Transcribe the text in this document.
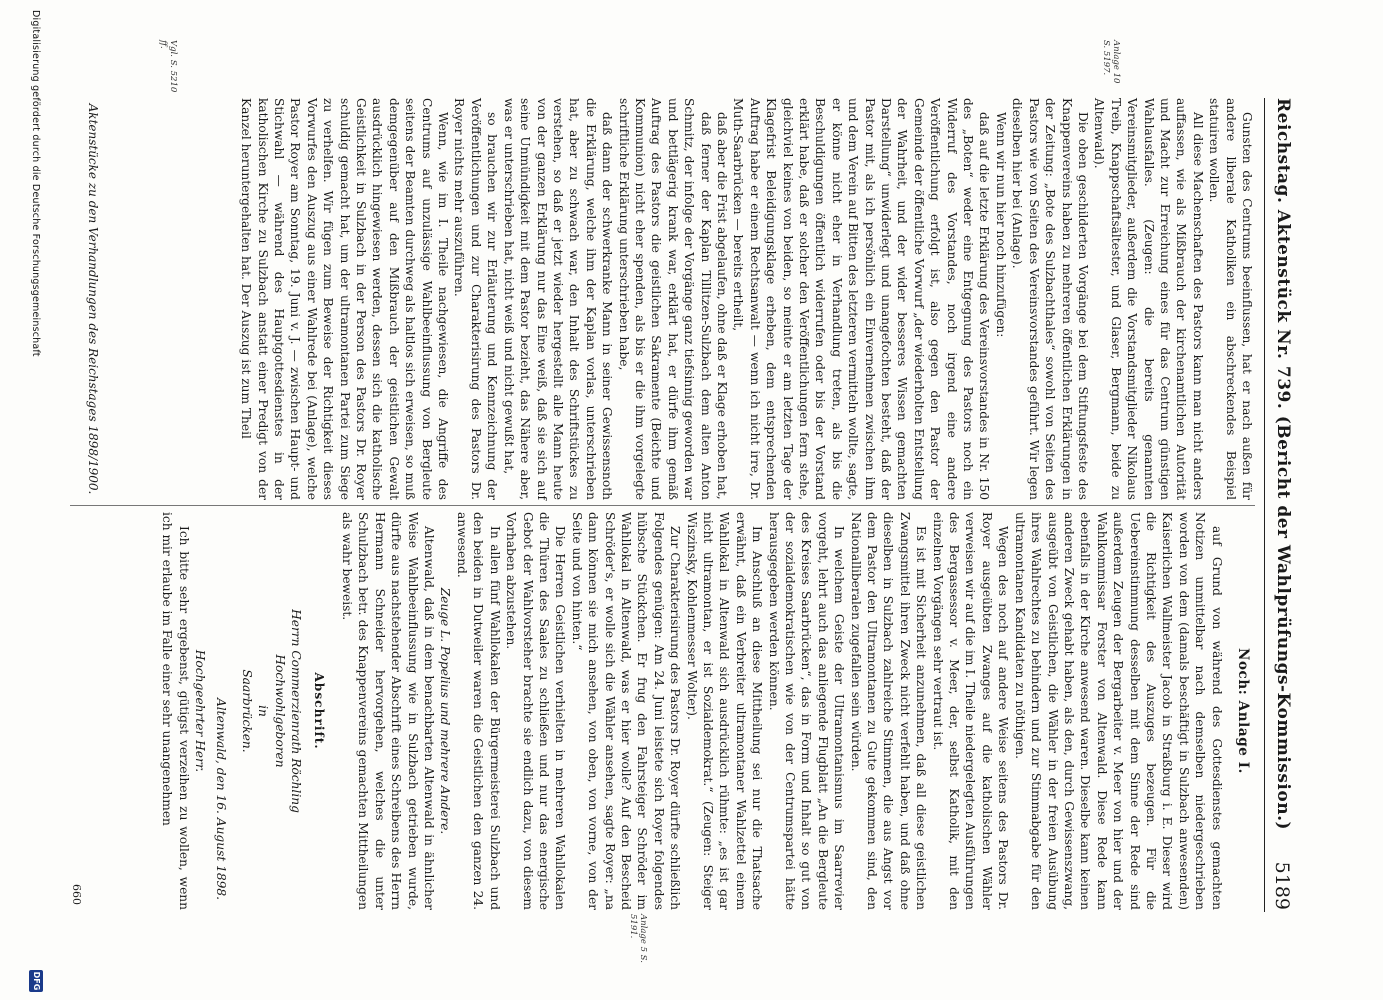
Reichstag. Aktenstück Nr. 739. (Bericht der Wahlprüfungs-Kommission.)
5189

Gunsten des Centrums beeinflussen, hat er nach außen für andere liberale Katholiken ein abschreckendes Beispiel statuiren wollen.

All diese Machenschaften des Pastors kann man nicht anders auffassen, wie als Mißbrauch der kirchenamtlichen Autorität und Macht zur Erreichung eines für das Centrum günstigen Wahlausfalles. (Zeugen: die bereits genannten Vereinsmitglieder, außerdem die Vorstandsmitglieder Nikolaus Treib, Knappschaftsältester, und Glaser, Bergmann, beide zu Altenwald).

Die oben geschilderten Vorgänge bei dem Stiftungsfeste des Knappenvereins haben zu mehreren öffentlichen Erklärungen in der Zeitung: „Bote des Sulzbachthales“ sowohl von Seiten des Pastors wie von Seiten des Vereinsvorstandes geführt. Wir legen dieselben hier bei (Anlage).

Wenn wir nun hier noch hinzufügen:

daß auf die letzte Erklärung des Vereinsvorstandes in Nr. 150 des „Boten“ weder eine Entgegnung des Pastors noch ein Widerruf des Vorstandes, noch irgend eine andere Veröffentlichung erfolgt ist, also gegen den Pastor der Gemeinde der öffentliche Vorwurf „der wiederholten Entstellung der Wahrheit, und der wider besseres Wissen gemachten Darstellung“ unwiderlegt und unangefochten besteht, daß der Pastor mit, als ich persönlich ein Einvernehmen zwischen ihm und dem Verein auf Bitten des letzteren vermitteln wollte, sagte, er könne nicht eher in Verhandlung treten, als bis die Beschuldigungen öffentlich widerrufen oder bis der Vorstand erklärt habe, daß er solcher den Veröffentlichungen fern stehe, gleichviel keines von beiden, so meinte er am letzten Tage der Klagefrist Beleidigungsklage erheben, dem entsprechenden Auftrag habe er einem Rechtsanwalt — wenn ich nicht irre, Dr. Muth-Saarbrücken — bereits ertheilt,

daß aber die Frist abgelaufen, ohne daß er Klage erhoben hat,

daß ferner der Kaplan Tillitzen-Sulzbach dem alten Anton Schmitz, der infolge der Vorgänge ganz tiefsinnig geworden war und bettlägerig krank war, erklärt hat, er dürfe ihm gemäß Auftrag des Pastors die geistlichen Sakramente (Beichte und Kommunion) nicht eher spenden, als bis er die ihm vorgelegte schriftliche Erklärung unterschrieben habe,

daß dann der schwerkranke Mann in seiner Gewissensnoth die Erklärung, welche ihm der Kaplan vorlas, unterschrieben hat, aber zu schwach war, den Inhalt des Schriftstückes zu verstehen, so daß er jetzt wieder hergestellt alle Mann heute von der ganzen Erklärung nur das Eine weiß, daß sie sich auf seine Unmündigkeit mit dem Pastor bezieht, das Nähere aber, was er unterschrieben hat, nicht weiß und nicht gewußt hat,

so brauchen wir zur Erläuterung und Kennzeichnung der Veröffentlichungen und zur Charakterisirung des Pastors Dr. Royer nichts mehr auszuführen.

Wenn, wie im I. Theile nachgewiesen, die Angriffe des Centrums auf unzulässige Wahlbeeinflussung von Bergleute seitens der Beamten durchweg als haltlos sich erweisen, so muß demgegenüber auf den Mißbrauch der geistlichen Gewalt ausdrücklich hingewiesen werden, dessen sich die katholische Geistlichkeit in Sulzbach in der Person des Pastors Dr. Royer schuldig gemacht hat, um der ultramontanen Partei zum Siege zu verhelfen. Wir fügen zum Beweise der Richtigkeit dieses Vorwurfes den Auszug aus einer Wahlrede bei (Anlage), welche Pastor Royer am Sonntag, 19. Juni v. J. — zwischen Haupt- und Stichwahl — während des Hauptgottesdienstes in der katholischen Kirche zu Sulzbach anstatt einer Predigt von der Kanzel heruntergehalten hat. Der Auszug ist zum Theil

Noch: Anlage I.

auf Grund von während des Gottesdienstes gemachten Notizen unmittelbar nach demselben niedergeschrieben worden von dem (damals beschäftigt in Sulzbach anwesenden) Kaiserlichen Wallmeister Jacob in Straßburg i. E. Dieser wird die Richtigkeit des Auszuges bezeugen. Für die Uebereinstimmung desselben mit dem Sinne der Rede sind außerdem Zeugen der Bergarbeiter v. Meer von hier und der Wahlkommissar Forster von Altenwald. Diese Rede kann ebenfalls in der Kirche anwesend waren. Dieselbe kann keinen anderen Zweck gehabt haben, als den, durch Gewissenszwang, ausgeübt von Geistlichen, die Wähler in der freien Ausübung ihres Wahlrechtes zu behindern und zur Stimmabgabe für den ultramontanen Kandidaten zu nöthigen.

Wegen des noch auf andere Weise seitens des Pastors Dr. Royer ausgeübten Zwanges auf die katholischen Wähler verweisen wir auf die im I. Theile niedergelegten Ausführungen des Bergassessor v. Meer, der, selbst Katholik, mit den einzelnen Vorgängen sehr vertraut ist.

Es ist mit Sicherheit anzunehmen, daß all diese geistlichen Zwangsmittel ihren Zweck nicht verfehlt haben, und daß ohne dieselben in Sulzbach zahlreiche Stimmen, die aus Angst vor dem Pastor den Ultramontanen zu Gute gekommen sind, den Nationalliberalen zugefallen sein würden.

In welchem Geiste der Ultramontanismus im Saarrevier vorgeht, lehrt auch das anliegende Flugblatt „An die Bergleute des Kreises Saarbrücken“, das in Form und Inhalt so gut von der sozialdemokratischen wie von der Centrumspartei hätte herausgegeben werden können.

Im Anschluß an diese Mittheilung sei nur die Thatsache erwähnt, daß ein Verbreiter ultramontaner Wahlzettel einem Wahllokal in Altenwald sich ausdrücklich rühmte: „es ist gar nicht ultramontan, er ist Sozialdemokrat.“ (Zeugen: Steiger Wiszinsky, Kohlenmesser Wolter).

Zur Charakterisirung des Pastors Dr. Royer dürfte schließlich Folgendes genügen: Am 24. Juni leistete sich Royer folgendes hübsche Stückchen. Er frug den Fahrsteiger Schröder im Wahllokal in Altenwald, was er hier wolle? Auf den Bescheid Schröder's, er wolle sich die Wähler ansehen, sagte Royer: „na dann können sie mich ansehen, von oben, von vorne, von der Seite und von hinten.“

Die Herren Geistlichen verhielten in mehreren Wahllokalen die Thüren des Saales zu schließen und nur das energische Gebot der Wahlvorsteher brachte sie endlich dazu, von diesem Vorhaben abzustehen.

In allen fünf Wahllokalen der Bürgermeisterei Sulzbach und den beiden in Dutweiler waren die Geistlichen den ganzen 24. anwesend.

Zeuge L. Popelius und mehrere Andere.

Altenwald, daß in dem benachbarten Altenwald in ähnlicher Weise Wahlbeeinflussung wie in Sulzbach getrieben wurde, dürfte aus nachstehender Abschrift eines Schreibens des Herrn Hermann Schneider hervorgehen, welches die unter Schulzbach betr. des Knappenvereins gemachten Mittheilungen als wahr beweist.

Abschrift.

Herrn Commerzienrath Röchling

Hochwohlgeboren

in

Saarbrücken.

Altenwald, den 16. August 1898.

Hochgeehrter Herr.

Ich bitte sehr ergebenst, gütigst verzeihen zu wollen, wenn ich mir erlaube im Falle einer sehr unangenehmen

Anlage 10 S. 5197.
Vgl. S. 5210 ff.
Anlage 5 S. 5191.
Aktenstücke zu den Verhandlungen des Reichstages 1898/1900.
660
Digitalisierung gefördert durch die Deutsche Forschungsgemeinschaft
DFG
